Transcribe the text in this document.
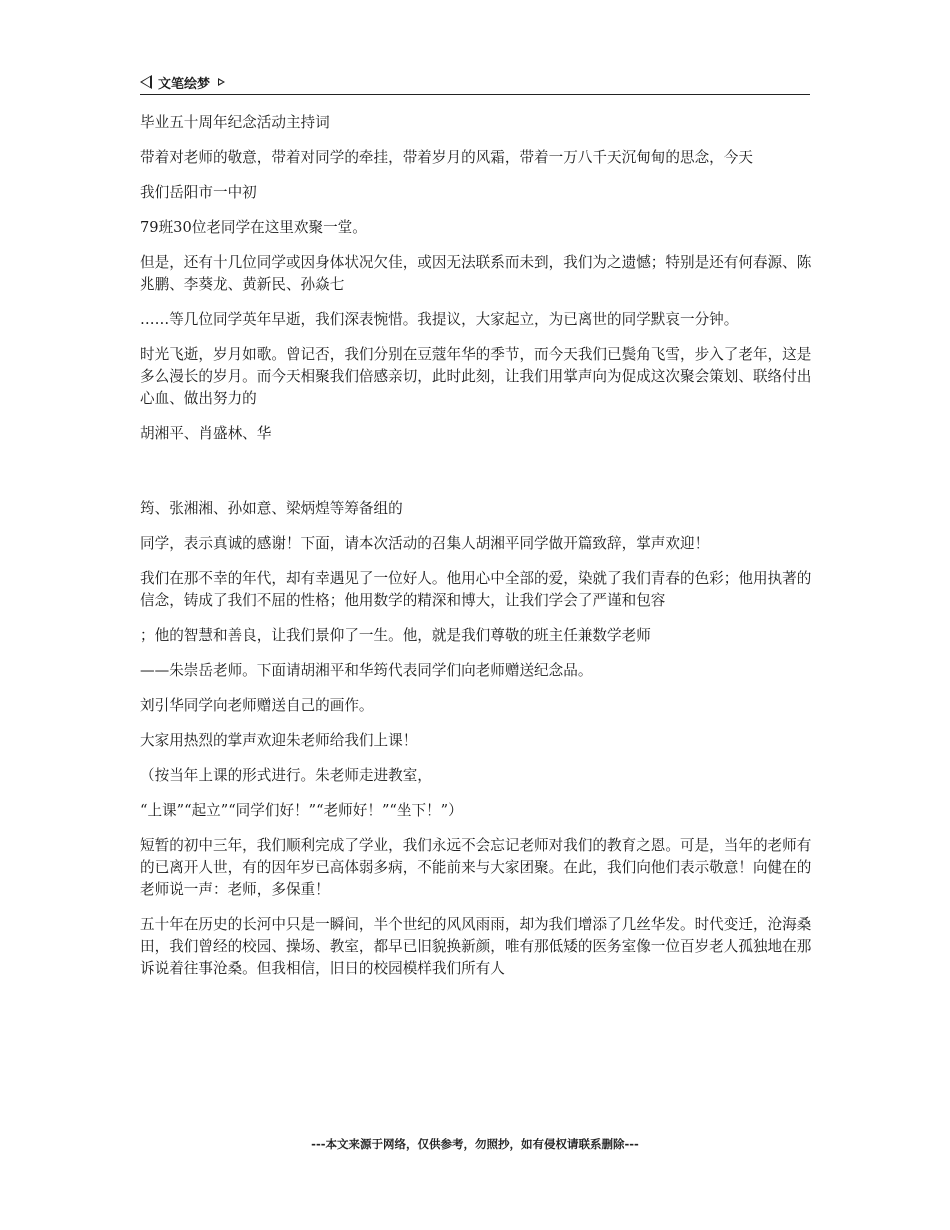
文笔绘梦

毕业五十周年纪念活动主持词

带着对老师的敬意，带着对同学的牵挂，带着岁月的风霜，带着一万八千天沉甸甸的思念，今天

我们岳阳市一中初

79班30位老同学在这里欢聚一堂。

但是，还有十几位同学或因身体状况欠佳，或因无法联系而未到，我们为之遗憾；特别是还有何春源、陈兆鹏、李葵龙、黄新民、孙焱七

……等几位同学英年早逝，我们深表惋惜。我提议，大家起立，为已离世的同学默哀一分钟。

时光飞逝，岁月如歌。曾记否，我们分别在豆蔻年华的季节，而今天我们已鬓角飞雪，步入了老年，这是多么漫长的岁月。而今天相聚我们倍感亲切，此时此刻，让我们用掌声向为促成这次聚会策划、联络付出心血、做出努力的

胡湘平、肖盛林、华

筠、张湘湘、孙如意、梁炳煌等筹备组的

同学，表示真诚的感谢！下面，请本次活动的召集人胡湘平同学做开篇致辞，掌声欢迎！

我们在那不幸的年代，却有幸遇见了一位好人。他用心中全部的爱，染就了我们青春的色彩；他用执著的信念，铸成了我们不屈的性格；他用数学的精深和博大，让我们学会了严谨和包容

；他的智慧和善良，让我们景仰了一生。他，就是我们尊敬的班主任兼数学老师

——朱崇岳老师。下面请胡湘平和华筠代表同学们向老师赠送纪念品。

刘引华同学向老师赠送自己的画作。

大家用热烈的掌声欢迎朱老师给我们上课！

（按当年上课的形式进行。朱老师走进教室，

“上课”“起立”“同学们好！”“老师好！”“坐下！”）

短暂的初中三年，我们顺利完成了学业，我们永远不会忘记老师对我们的教育之恩。可是，当年的老师有的已离开人世，有的因年岁已高体弱多病，不能前来与大家团聚。在此，我们向他们表示敬意！向健在的老师说一声：老师，多保重！

五十年在历史的长河中只是一瞬间，半个世纪的风风雨雨，却为我们增添了几丝华发。时代变迁，沧海桑田，我们曾经的校园、操场、教室，都早已旧貌换新颜，唯有那低矮的医务室像一位百岁老人孤独地在那诉说着往事沧桑。但我相信，旧日的校园模样我们所有人

---本文来源于网络，仅供参考，勿照抄，如有侵权请联系删除---
